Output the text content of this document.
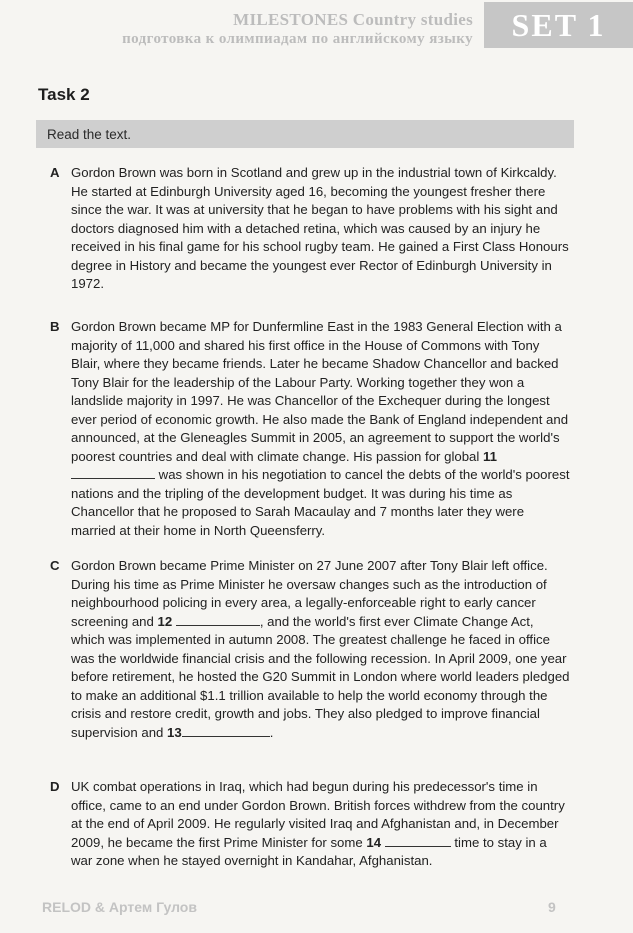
MILESTONES Country studies
подготовка к олимпиадам по английскому языку	SET 1
Task 2
Read the text.
A Gordon Brown was born in Scotland and grew up in the industrial town of Kirkcaldy. He started at Edinburgh University aged 16, becoming the youngest fresher there since the war. It was at university that he began to have problems with his sight and doctors diagnosed him with a detached retina, which was caused by an injury he received in his final game for his school rugby team. He gained a First Class Honours degree in History and became the youngest ever Rector of Edinburgh University in 1972.
B Gordon Brown became MP for Dunfermline East in the 1983 General Election with a majority of 11,000 and shared his first office in the House of Commons with Tony Blair, where they became friends. Later he became Shadow Chancellor and backed Tony Blair for the leadership of the Labour Party. Working together they won a landslide majority in 1997. He was Chancellor of the Exchequer during the longest ever period of economic growth. He also made the Bank of England independent and announced, at the Gleneagles Summit in 2005, an agreement to support the world's poorest countries and deal with climate change. His passion for global 11  was shown in his negotiation to cancel the debts of the world's poorest nations and the tripling of the development budget. It was during his time as Chancellor that he proposed to Sarah Macaulay and 7 months later they were married at their home in North Queensferry.
C Gordon Brown became Prime Minister on 27 June 2007 after Tony Blair left office. During his time as Prime Minister he oversaw changes such as the introduction of neighbourhood policing in every area, a legally-enforceable right to early cancer screening and 12	, and the world's first ever Climate Change Act, which was implemented in autumn 2008. The greatest challenge he faced in office was the worldwide financial crisis and the following recession. In April 2009, one year before retirement, he hosted the G20 Summit in London where world leaders pledged to make an additional $1.1 trillion available to help the world economy through the crisis and restore credit, growth and jobs. They also pledged to improve financial supervision and 13	.
D UK combat operations in Iraq, which had begun during his predecessor's time in office, came to an end under Gordon Brown. British forces withdrew from the country at the end of April 2009. He regularly visited Iraq and Afghanistan and, in December 2009, he became the first Prime Minister for some 14	time to stay in a war zone when he stayed overnight in Kandahar, Afghanistan.
RELOD & Артем Гулов	9
